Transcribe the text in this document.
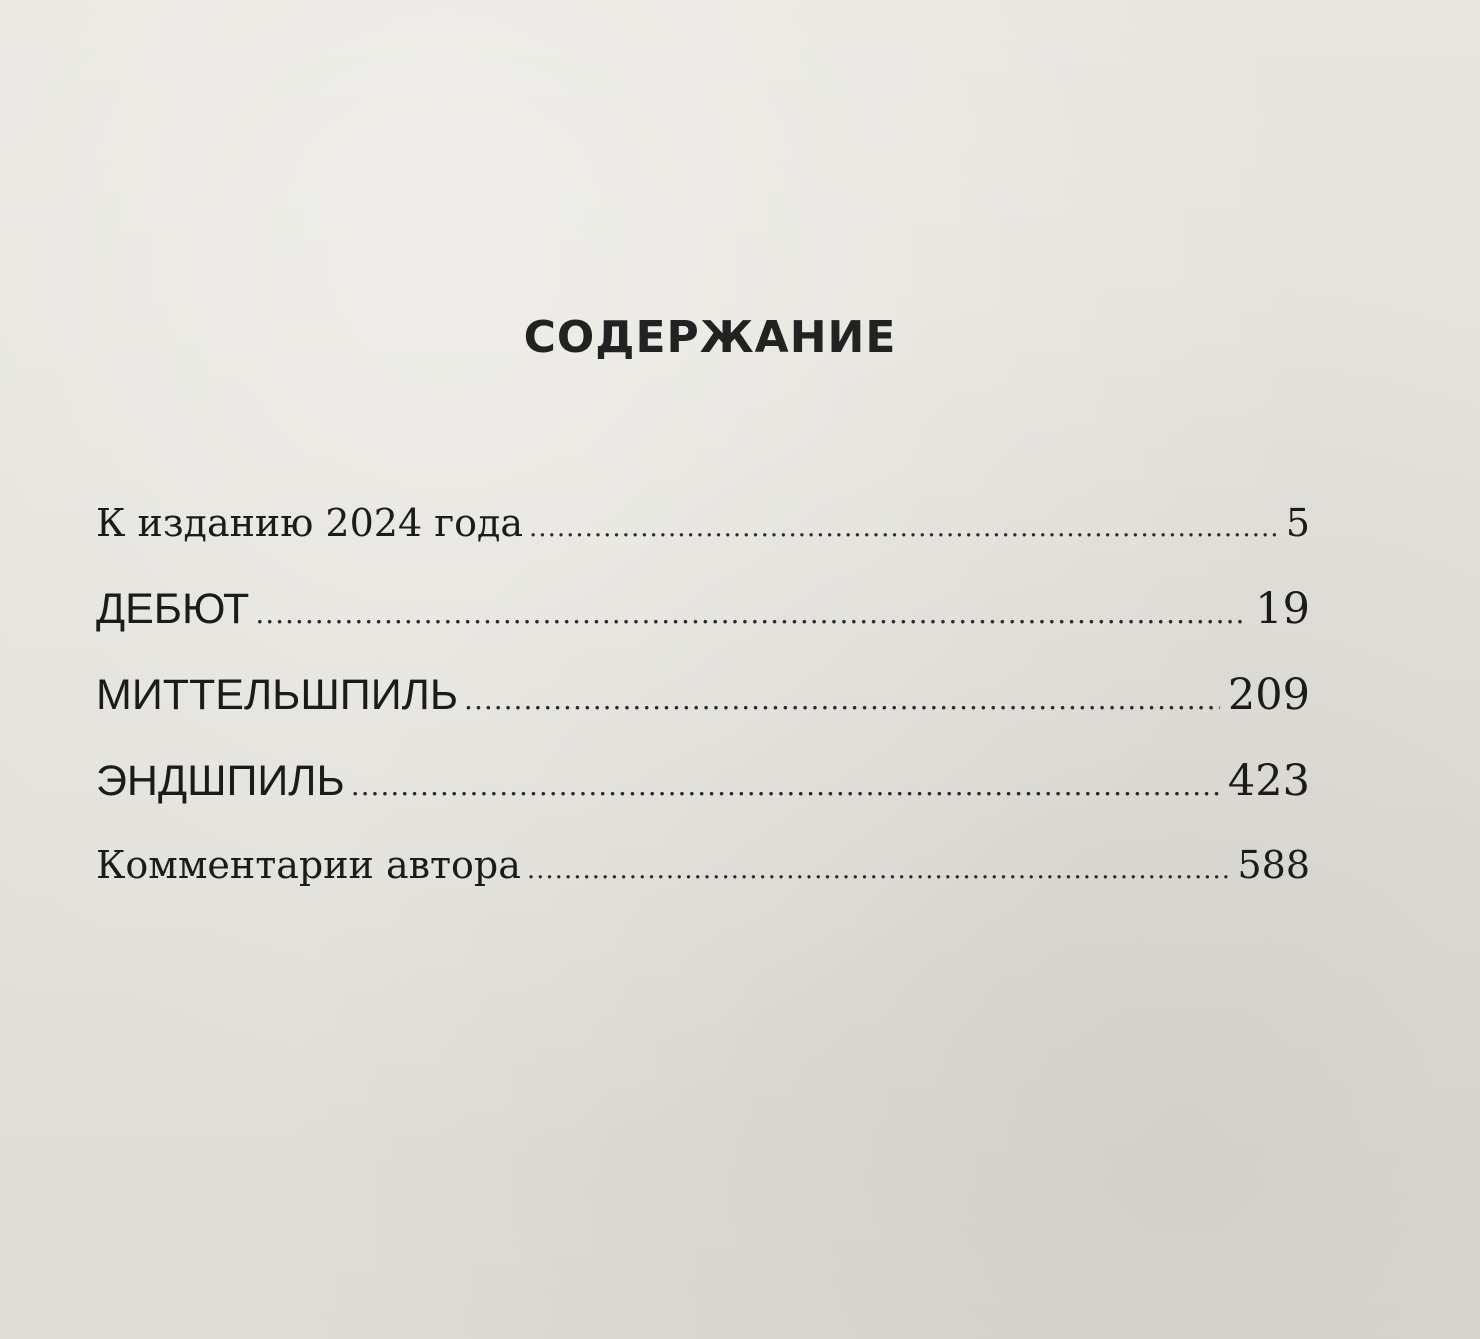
СОДЕРЖАНИЕ
К изданию 2024 года .....	5
ДЕБЮТ .....	19
МИТТЕЛЬШПИЛЬ .....	209
ЭНДШПИЛЬ .....	423
Комментарии автора .....	588
